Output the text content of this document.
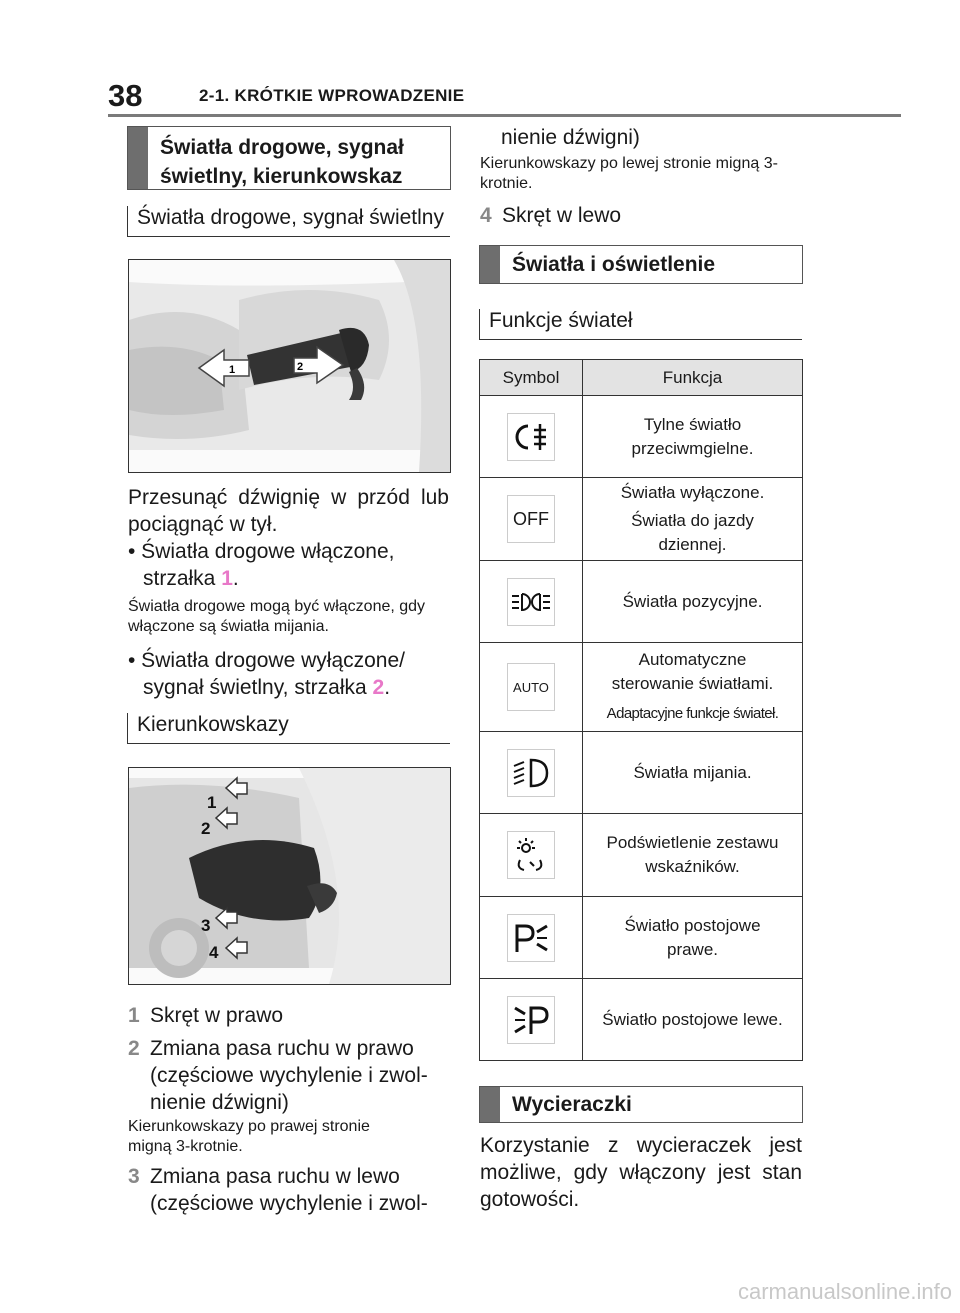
38	2-1. KRÓTKIE WPROWADZENIE
Światła drogowe, sygnał
świetlny, kierunkowskaz
Światła drogowe, sygnał świetlny
1	2
Przesunąć dźwignię w przód lub pociągnąć w tył.
• Światła drogowe włączone,
strzałka 1.
Światła drogowe mogą być włączone, gdy włączone są światła mijania.
• Światła drogowe wyłączone/
sygnał świetlny, strzałka 2.
Kierunkowskazy
1
2
3
4
1 Skręt w prawo
2 Zmiana pasa ruchu w prawo
(częściowe wychylenie i zwol-
nienie dźwigni)
Kierunkowskazy po prawej stronie
migną 3-krotnie.
3 Zmiana pasa ruchu w lewo
(częściowe wychylenie i zwol-
nienie dźwigni)
Kierunkowskazy po lewej stronie migną 3-krotnie.
4 Skręt w lewo
Światła i oświetlenie
Funkcje świateł
Symbol	Funkcja

Tylne światło
przeciwmgielne.

OFF	Światła wyłączone.
Światła do jazdy
dziennej.

Światła pozycyjne.

AUTO	Automatyczne
sterowanie światłami.
Adaptacyjne funkcje świateł.

Światła mijania.

Podświetlenie zestawu
wskaźników.

Światło postojowe
prawe.

Światło postojowe lewe.
Wycieraczki
Korzystanie z wycieraczek jest możliwe, gdy włączony jest stan gotowości.
carmanualsonline.info
